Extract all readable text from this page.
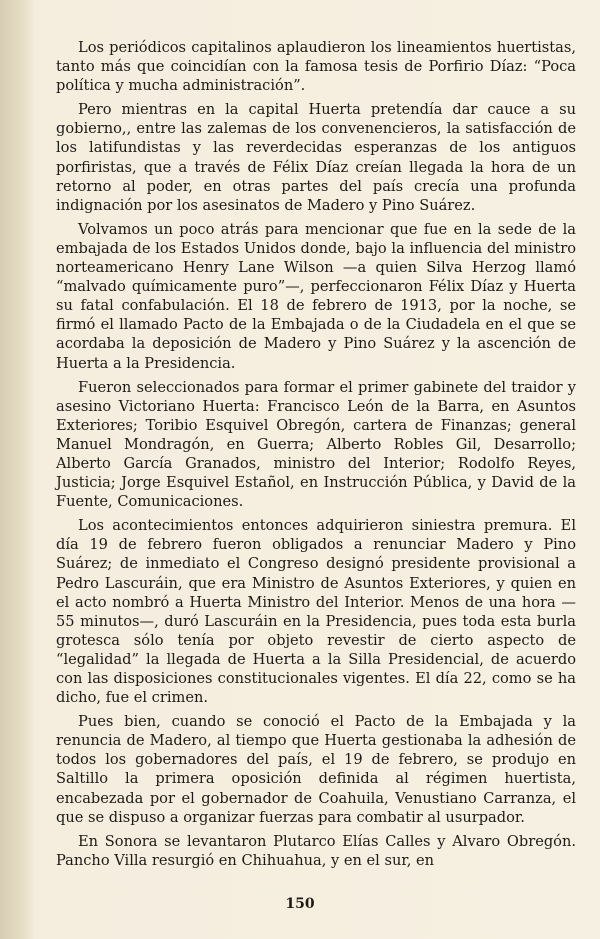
Los periódicos capitalinos aplaudieron los lineamientos huertistas, tanto más que coincidían con la famosa tesis de Porfirio Díaz: “Poca política y mucha administración”.

Pero mientras en la capital Huerta pretendía dar cauce a su gobierno,, entre las zalemas de los convenencieros, la satisfacción de los latifundistas y las reverdecidas esperanzas de los antiguos porfiristas, que a través de Félix Díaz creían llegada la hora de un retorno al poder, en otras partes del país crecía una profunda indignación por los asesinatos de Madero y Pino Suárez.

Volvamos un poco atrás para mencionar que fue en la sede de la embajada de los Estados Unidos donde, bajo la influencia del ministro norteamericano Henry Lane Wilson —a quien Silva Herzog llamó “malvado químicamente puro”—, perfeccionaron Félix Díaz y Huerta su fatal confabulación. El 18 de febrero de 1913, por la noche, se firmó el llamado Pacto de la Embajada o de la Ciudadela en el que se acordaba la deposición de Madero y Pino Suárez y la ascención de Huerta a la Presidencia.

Fueron seleccionados para formar el primer gabinete del traidor y asesino Victoriano Huerta: Francisco León de la Barra, en Asuntos Exteriores; Toribio Esquivel Obregón, cartera de Finanzas; general Manuel Mondragón, en Guerra; Alberto Robles Gil, Desarrollo; Alberto García Granados, ministro del Interior; Rodolfo Reyes, Justicia; Jorge Esquivel Estañol, en Instrucción Pública, y David de la Fuente, Comunicaciones.

Los acontecimientos entonces adquirieron siniestra premura. El día 19 de febrero fueron obligados a renunciar Madero y Pino Suárez; de inmediato el Congreso designó presidente provisional a Pedro Lascuráin, que era Ministro de Asuntos Exteriores, y quien en el acto nombró a Huerta Ministro del Interior. Menos de una hora —55 minutos—, duró Lascuráin en la Presidencia, pues toda esta burla grotesca sólo tenía por objeto revestir de cierto aspecto de “legalidad” la llegada de Huerta a la Silla Presidencial, de acuerdo con las disposiciones constitucionales vigentes. El día 22, como se ha dicho, fue el crimen.

Pues bien, cuando se conoció el Pacto de la Embajada y la renuncia de Madero, al tiempo que Huerta gestionaba la adhesión de todos los gobernadores del país, el 19 de febrero, se produjo en Saltillo la primera oposición definida al régimen huertista, encabezada por el gobernador de Coahuila, Venustiano Carranza, el que se dispuso a organizar fuerzas para combatir al usurpador.

En Sonora se levantaron Plutarco Elías Calles y Alvaro Obregón. Pancho Villa resurgió en Chihuahua, y en el sur, en

150
